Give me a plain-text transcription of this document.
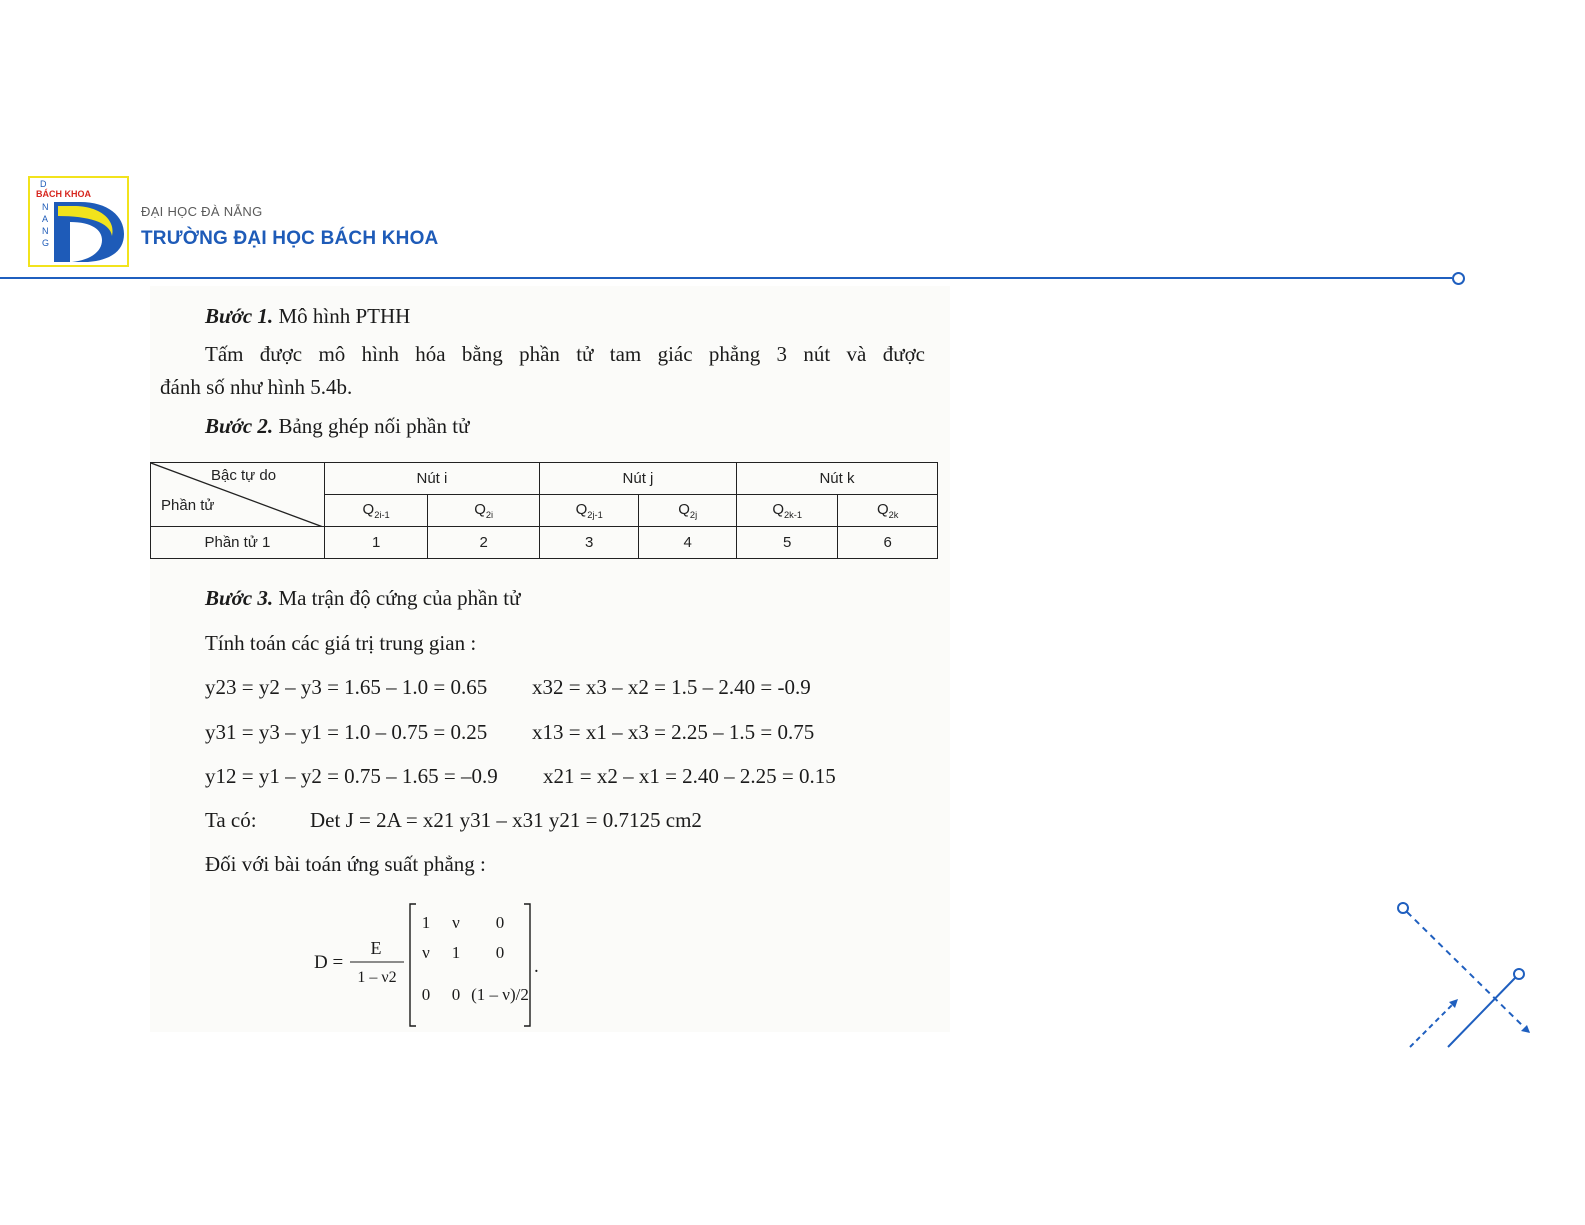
D
BÁCH KHOA
N
A
N
G
ĐẠI HỌC ĐÀ NẴNG
TRƯỜNG ĐẠI HỌC BÁCH KHOA
Bước 1. Mô hình PTHH
Tấm được mô hình hóa bằng phần tử tam giác phẳng 3 nút và được
đánh số như hình 5.4b.
Bước 2. Bảng ghép nối phần tử
Bậc tự do
Phần tử	Nút i		Nút j		Nút k	
	$Q_{2i-1}$	$Q_{2i}$	$Q_{2j-1}$	$Q_{2j}$	$Q_{2k-1}$	$Q_{2k}$
Phần tử 1	1	2	3	4	5	6
Bước 3. Ma trận độ cứng của phần tử
Tính toán các giá trị trung gian :
y23 = y2 – y3 = 1.65 – 1.0 = 0.65 x32 = x3 – x2 = 1.5 – 2.40 = -0.9
y31 = y3 – y1 = 1.0 – 0.75 = 0.25 x13 = x1 – x3 = 2.25 – 1.5 = 0.75
y12 = y1 – y2 = 0.75 – 1.65 = –0.9 x21 = x2 – x1 = 2.40 – 2.25 = 0.15
Ta có:	Det J = 2A = x21 y31 – x31 y21 = 0.7125 cm2
Đối với bài toán ứng suất phẳng :
D =
E
1 – ν2
1 ν 0
ν 1 0
0 0 (1 – ν)/2
.
